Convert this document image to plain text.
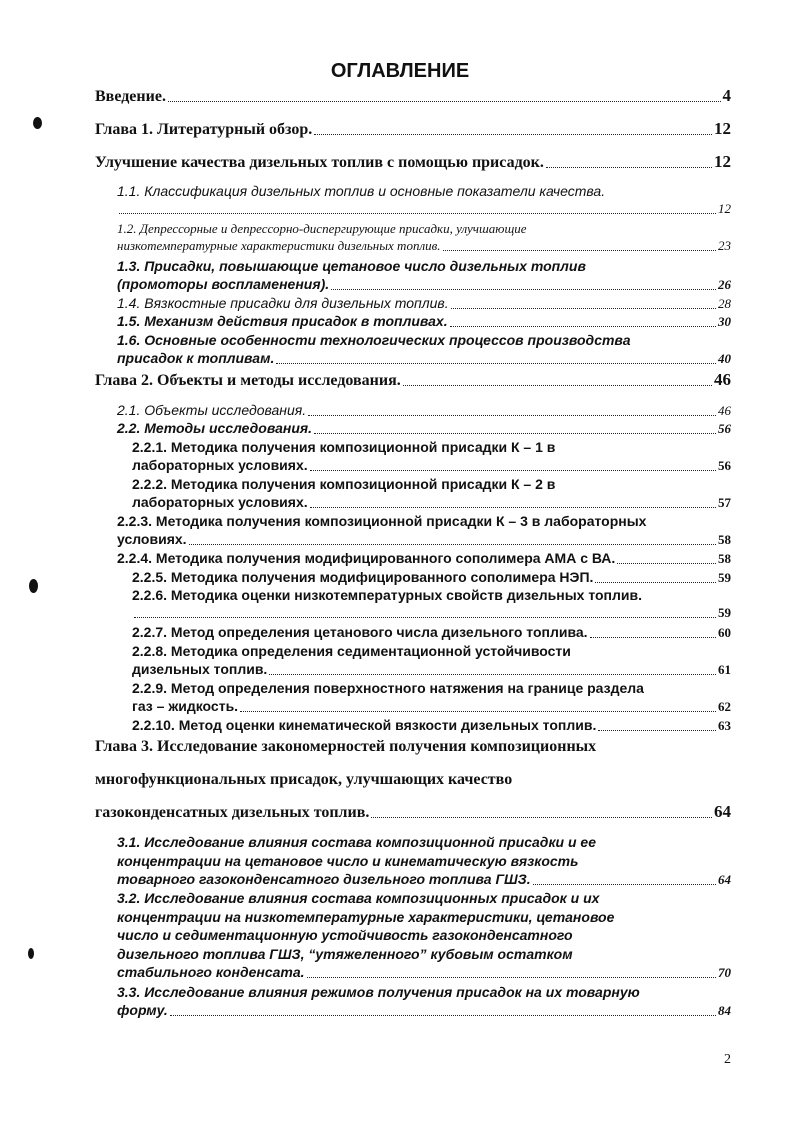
ОГЛАВЛЕНИЕ
Введение.	4
Глава 1. Литературный обзор.	12
Улучшение качества дизельных топлив с помощью присадок.	12
1.1. Классификация дизельных топлив и основные показатели качества.
12
1.2. Депрессорные и депрессорно-диспергирующие присадки, улучшающие
низкотемпературные характеристики дизельных топлив.	23
1.3. Присадки, повышающие цетановое число дизельных топлив
(промоторы воспламенения).	26
1.4. Вязкостные присадки для дизельных топлив.	28
1.5. Механизм действия присадок в топливах.	30
1.6. Основные особенности технологических процессов производства
присадок к топливам.	40
Глава 2. Объекты и методы исследования.	46
2.1. Объекты исследования.	46
2.2. Методы исследования.	56
2.2.1. Методика получения композиционной присадки К – 1 в
лабораторных условиях.	56
2.2.2. Методика получения композиционной присадки К – 2 в
лабораторных условиях.	57
2.2.3. Методика получения композиционной присадки К – 3 в лабораторных
условиях.	58
2.2.4. Методика получения модифицированного сополимера АМА с ВА.	58
2.2.5. Методика получения модифицированного сополимера НЭП.	59
2.2.6. Методика оценки низкотемпературных свойств дизельных топлив.
59
2.2.7. Метод определения цетанового числа дизельного топлива.	60
2.2.8. Методика определения седиментационной устойчивости
дизельных топлив.	61
2.2.9. Метод определения поверхностного натяжения на границе раздела
газ – жидкость.	62
2.2.10. Метод оценки кинематической вязкости дизельных топлив.	63
Глава 3. Исследование закономерностей получения композиционных
многофункциональных присадок, улучшающих качество
газоконденсатных дизельных топлив.	64
3.1. Исследование влияния состава композиционной присадки и ее
концентрации на цетановое число и кинематическую вязкость
товарного газоконденсатного дизельного топлива ГШЗ.	64
3.2. Исследование влияния состава композиционных присадок и их
концентрации на низкотемпературные характеристики, цетановое
число и седиментационную устойчивость газоконденсатного
дизельного топлива ГШЗ, “утяжеленного” кубовым остатком
стабильного конденсата.	70
3.3. Исследование влияния режимов получения присадок на их товарную
форму.	84
2
